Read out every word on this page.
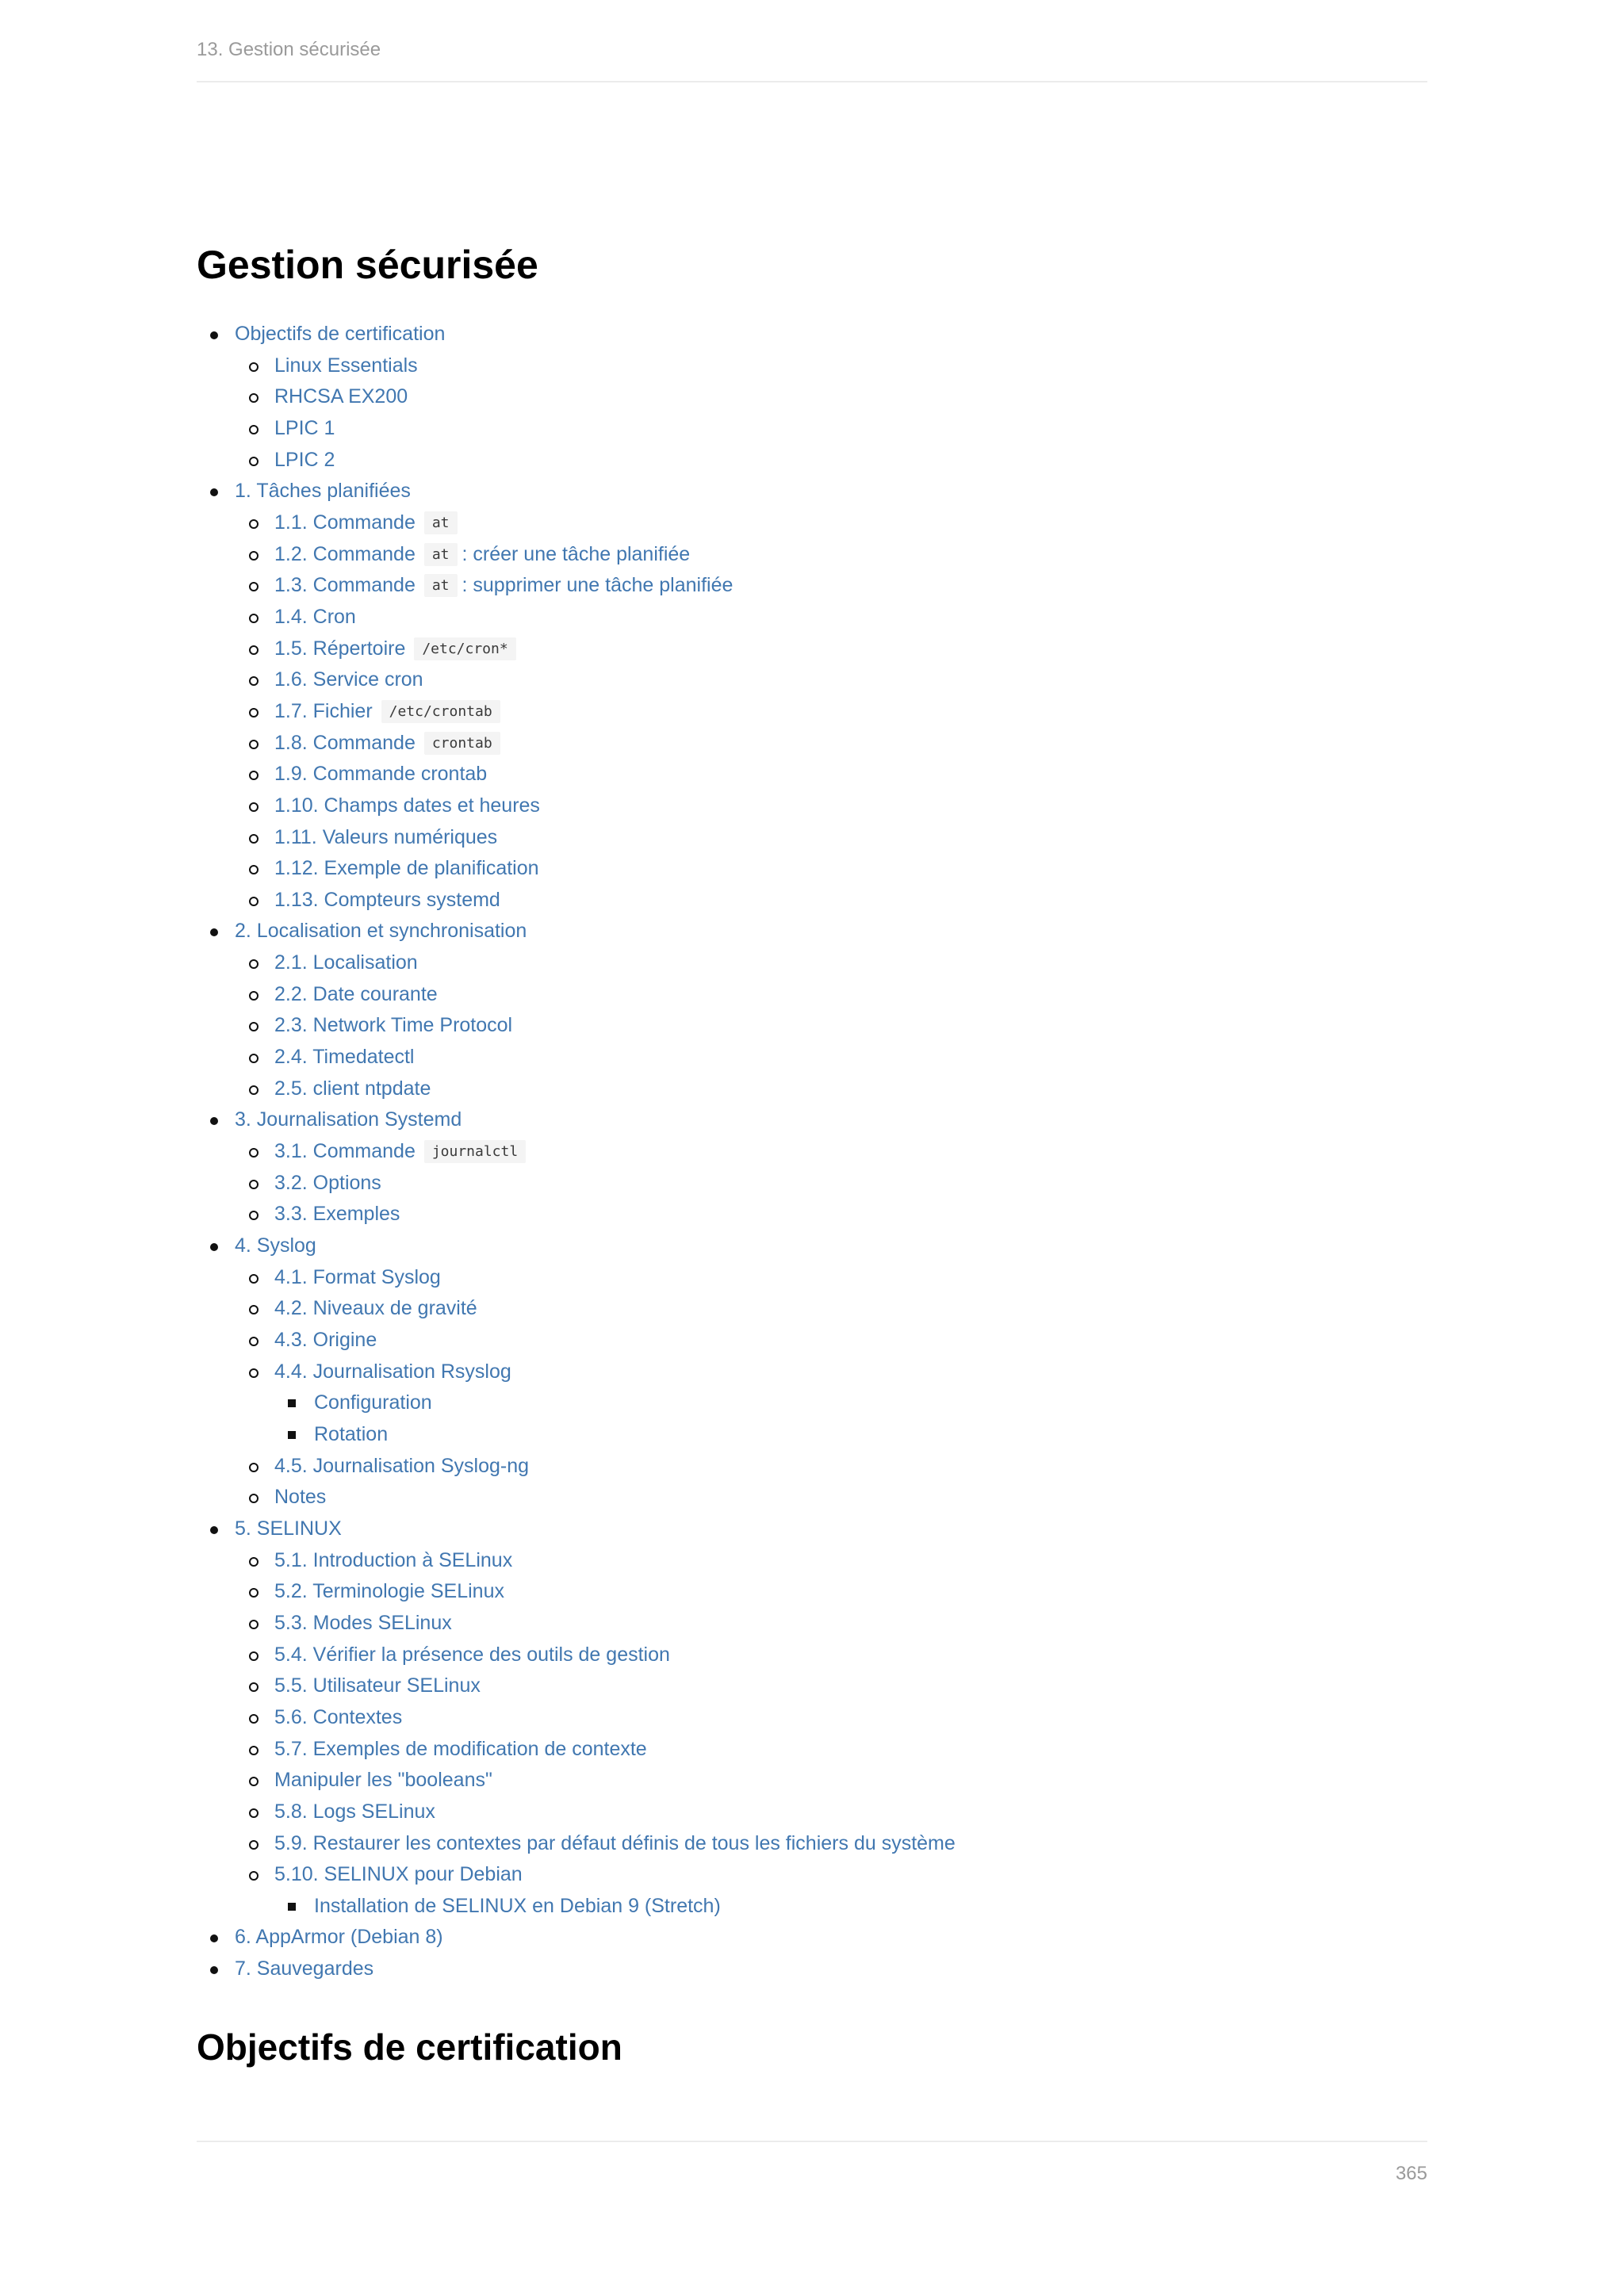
13. Gestion sécurisée
Gestion sécurisée
Objectifs de certification
Linux Essentials
RHCSA EX200
LPIC 1
LPIC 2
1. Tâches planifiées
1.1. Commande at
1.2. Commande at : créer une tâche planifiée
1.3. Commande at : supprimer une tâche planifiée
1.4. Cron
1.5. Répertoire /etc/cron*
1.6. Service cron
1.7. Fichier /etc/crontab
1.8. Commande crontab
1.9. Commande crontab
1.10. Champs dates et heures
1.11. Valeurs numériques
1.12. Exemple de planification
1.13. Compteurs systemd
2. Localisation et synchronisation
2.1. Localisation
2.2. Date courante
2.3. Network Time Protocol
2.4. Timedatectl
2.5. client ntpdate
3. Journalisation Systemd
3.1. Commande journalctl
3.2. Options
3.3. Exemples
4. Syslog
4.1. Format Syslog
4.2. Niveaux de gravité
4.3. Origine
4.4. Journalisation Rsyslog
Configuration
Rotation
4.5. Journalisation Syslog-ng
Notes
5. SELINUX
5.1. Introduction à SELinux
5.2. Terminologie SELinux
5.3. Modes SELinux
5.4. Vérifier la présence des outils de gestion
5.5. Utilisateur SELinux
5.6. Contextes
5.7. Exemples de modification de contexte
Manipuler les "booleans"
5.8. Logs SELinux
5.9. Restaurer les contextes par défaut définis de tous les fichiers du système
5.10. SELINUX pour Debian
Installation de SELINUX en Debian 9 (Stretch)
6. AppArmor (Debian 8)
7. Sauvegardes
Objectifs de certification
365
